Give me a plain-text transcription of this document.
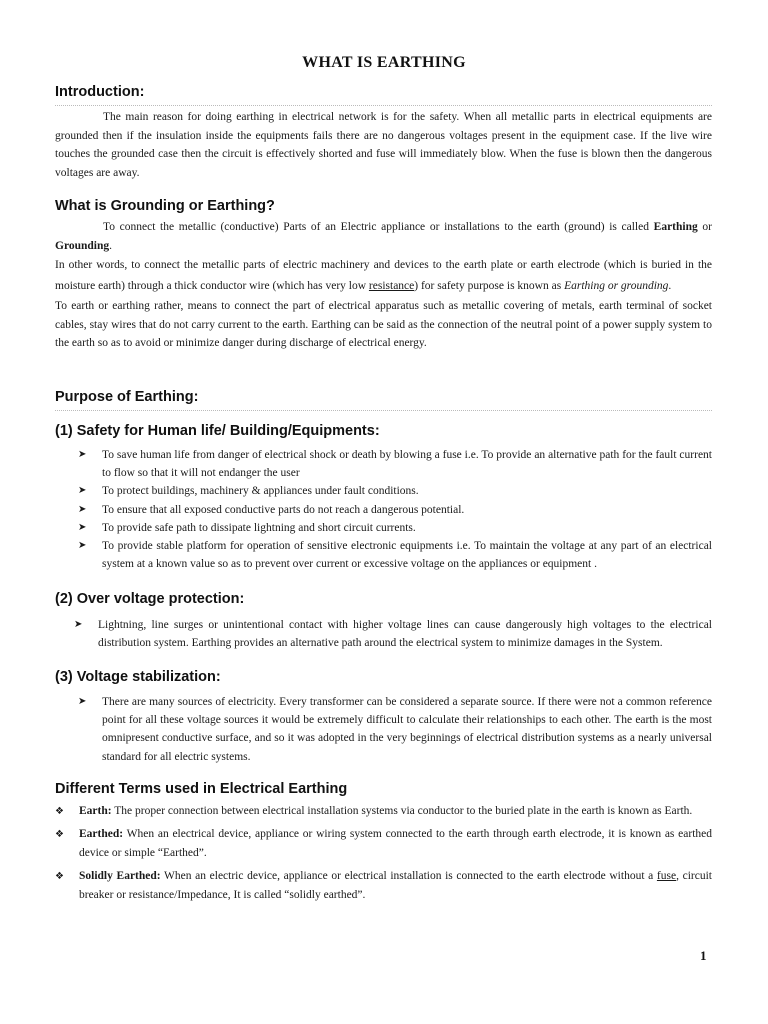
WHAT IS EARTHING
Introduction:

The main reason for doing earthing in electrical network is for the safety. When all metallic parts in electrical equipments are grounded then if the insulation inside the equipments fails there are no dangerous voltages present in the equipment case. If the live wire touches the grounded case then the circuit is effectively shorted and fuse will immediately blow. When the fuse is blown then the dangerous voltages are away.

What is Grounding or Earthing?

To connect the metallic (conductive) Parts of an Electric appliance or installations to the earth (ground) is called Earthing or Grounding.

In other words, to connect the metallic parts of electric machinery and devices to the earth plate or earth electrode (which is buried in the moisture earth) through a thick conductor wire (which has very low resistance) for safety purpose is known as Earthing or grounding.

To earth or earthing rather, means to connect the part of electrical apparatus such as metallic covering of metals, earth terminal of socket cables, stay wires that do not carry current to the earth. Earthing can be said as the connection of the neutral point of a power supply system to the earth so as to avoid or minimize danger during discharge of electrical energy.

Purpose of Earthing:
(1) Safety for Human life/ Building/Equipments:
➤ To save human life from danger of electrical shock or death by blowing a fuse i.e. To provide an alternative path for the fault current to flow so that it will not endanger the user
➤ To protect buildings, machinery & appliances under fault conditions.
➤ To ensure that all exposed conductive parts do not reach a dangerous potential.
➤ To provide safe path to dissipate lightning and short circuit currents.
➤ To provide stable platform for operation of sensitive electronic equipments i.e. To maintain the voltage at any part of an electrical system at a known value so as to prevent over current or excessive voltage on the appliances or equipment .
(2) Over voltage protection:
➤ Lightning, line surges or unintentional contact with higher voltage lines can cause dangerously high voltages to the electrical distribution system. Earthing provides an alternative path around the electrical system to minimize damages in the System.
(3) Voltage stabilization:
➤ There are many sources of electricity. Every transformer can be considered a separate source. If there were not a common reference point for all these voltage sources it would be extremely difficult to calculate their relationships to each other. The earth is the most omnipresent conductive surface, and so it was adopted in the very beginnings of electrical distribution systems as a nearly universal standard for all electric systems.
Different Terms used in Electrical Earthing
❖ Earth: The proper connection between electrical installation systems via conductor to the buried plate in the earth is known as Earth.
❖ Earthed: When an electrical device, appliance or wiring system connected to the earth through earth electrode, it is known as earthed device or simple “Earthed”.
❖ Solidly Earthed: When an electric device, appliance or electrical installation is connected to the earth electrode without a fuse, circuit breaker or resistance/Impedance, It is called “solidly earthed”.
1
